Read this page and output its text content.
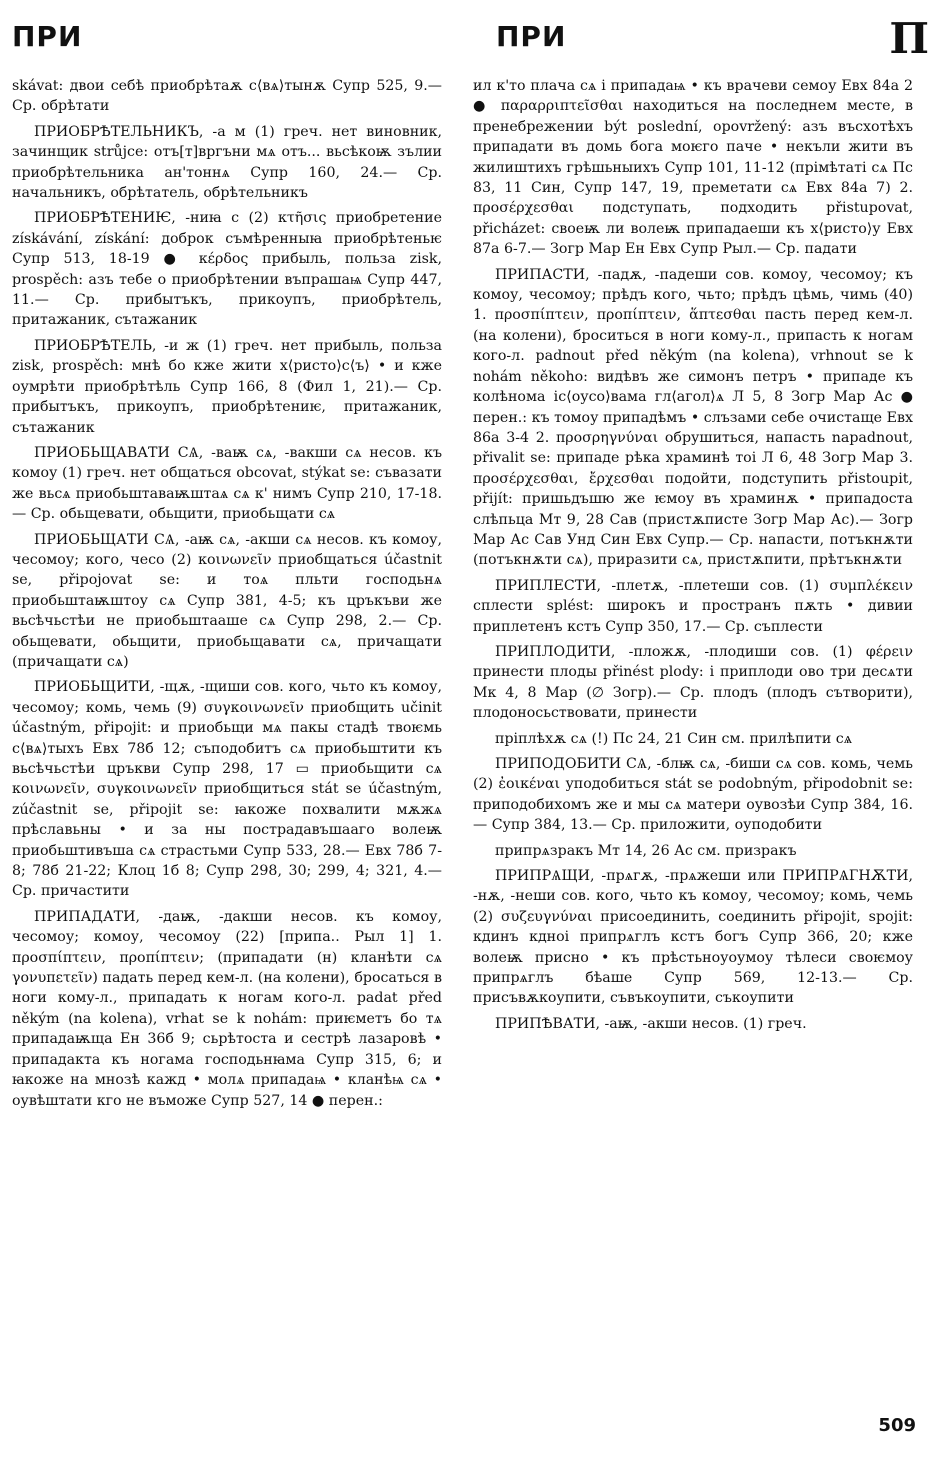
ПРИ	ПРИ	П

skávat: двои себѣ приобрѣтаѫ с⟨вѧ⟩тынѫ Супр 525, 9.— Ср. обрѣтати

ПРИОБРѢТЕЛЬНИКЪ, -а м (1) греч. нет виновник, зачинщик strůjce: отъ[т]вргъни мѧ отъ... вьсѣкоѭ зълии приобрѣтельника ан'тоннѧ Супр 160, 24.— Ср. начальникъ, обрѣтатель, обрѣтельникъ

ПРИОБРѢТЕНИѤ, -ниꙗ с (2) κτῆσις приобретение získávání, získání: доброк съмѣренныꙗ приобрѣтеньѥ Супр 513, 18-19 ● κέρδος прибыль, польза zisk, prospěch: азъ тебе о приобрѣтении въпрашаѩ Супр 447, 11.— Ср. прибытъкъ, прикоупъ, приобрѣтель, притажаник, сътажаник

ПРИОБРѢТЕЛЬ, -и ж (1) греч. нет прибыль, польза zisk, prospěch: мнѣ бо кже жити х⟨ристо⟩с⟨ъ⟩ • и кже оумрѣти приобрѣтѣль Супр 166, 8 (Фил 1, 21).— Ср. прибытъкъ, прикоупъ, приобрѣтениѥ, притажаник, сътажаник

ПРИОБЬЩАВАТИ СѦ, -ваѭ сѧ, -вакши сѧ несов. къ комоу (1) греч. нет общаться obcovat, stýkat se: съвазати же вьсѧ приобьштаваѭштаѧ сѧ к' нимъ Супр 210, 17-18.— Ср. обьщевати, обьщити, приобьщати сѧ

ПРИОБЬЩАТИ СѦ, -аѭ сѧ, -акши сѧ несов. къ комоу, чесомоу; кого, чесо (2) κοινωνεῖν приобщаться účastnit se, připojovat se: и тоѧ пльти господьнѧ приобьштаѭштоу сѧ Супр 381, 4-5; къ цръкъви же вьсѣчьстѣи не приобьштааше сѧ Супр 298, 2.— Ср. обьщевати, обьщити, приобьщавати сѧ, причащати (причащати сѧ)

ПРИОБЬЩИТИ, -щѫ, -щиши сов. кого, чьто къ комоу, чесомоу; комь, чемь (9) συγκοινωνεῖν приобщить učinit účastným, připojit: и приобьщи мѧ пакы стадѣ твоѥмь с⟨вѧ⟩тыхъ Евх 78б 12; съподобитъ сѧ приобьштити къ вьсѣчьстѣи цръкви Супр 298, 17 ▭ приобьщити сѧ κοινωνεῖν, συγκοινωνεῖν приобщиться stát se účastným, zúčastnit se, připojit se: ꙗкоже похвалити мѫжѧ прѣславьны • и за ны пострадавъшааго волеѭ приобьштивъша сѧ страстьми Супр 533, 28.— Евх 78б 7-8; 78б 21-22; Клоц 1б 8; Супр 298, 30; 299, 4; 321, 4.— Ср. причастити

ПРИПАДАТИ, -даѭ, -дакши несов. къ комоу, чесомоу; комоу, чесомоу (22) [припа.. Рыл 1] 1. προσπίπτειν, προπίπτειν; (припадати (н) кланѣти сѧ γονυπετεῖν) падать перед кем-л. (на колени), бросаться в ноги кому-л., припадать к ногам кого-л. padat před někým (na kolena), vrhat se k nohám: приѥметъ бо тѧ припадаѭща Ен 36б 9; сьрѣтоста и сестрѣ лазаровѣ • припадакта къ ногама господьнꙗма Супр 315, 6; и ꙗкоже на мнозѣ кажд • молѧ припадаѩ • кланѣѩ сѧ • оувѣштати кго не въможе Супр 527, 14 ● перен.:

ил к'то плача сѧ і припадаѩ • къ врачеви семоу Евх 84а 2 ● παραρριπτεῖσθαι находиться на последнем месте, в пренебрежении být poslední, opovržený: азъ въсхотѣхъ припадати въ домь бога моѥго паче • некъли жити въ жилиштихъ грѣшьныихъ Супр 101, 11-12 (прімѣтаті сѧ Пс 83, 11 Син, Супр 147, 19, преметати сѧ Евх 84а 7) 2. προσέρχεσθαι подступать, подходить přistupovat, přicházet: своеѭ ли волеѭ припадаеши къ х⟨ристо⟩у Евх 87а 6-7.— Зогр Мар Ен Евх Супр Рыл.— Ср. падати

ПРИПАСТИ, -падѫ, -падеши сов. комоу, чесомоу; къ комоу, чесомоу; прѣдъ кого, чьто; прѣдъ цѣмь, чимь (40) 1. προσπίπτειν, προπίπτειν, ἅπτεσθαι пасть перед кем-л. (на колени), броситься в ноги кому-л., припасть к ногам кого-л. padnout před někým (na kolena), vrhnout se k nohám někoho: видѣвъ же симонъ петръ • припаде къ колѣнома іс⟨оусо⟩вама гл⟨агол⟩ѧ Л 5, 8 Зогр Мар Ас ● перен.: къ томоу припадѣмъ • слъзами себе очистаще Евх 86а 3-4 2. προσρηγνύναι обрушиться, напасть napadnout, přivalit se: припаде рѣка храминѣ тоі Л 6, 48 Зогр Мар 3. προσέρχεσθαι, ἔρχεσθαι подойти, подступить přistoupit, přijít: пришьдъшю же ѥмоу въ храминѫ • припадоста слѣпьца Мт 9, 28 Сав (пристѫписте Зогр Мар Ас).— Зогр Мар Ас Сав Унд Син Евх Супр.— Ср. напасти, потъкнѫти (потъкнѫти сѧ), приразити сѧ, пристѫпити, прѣтъкнѫти

ПРИПЛЕСТИ, -плетѫ, -плетеши сов. (1) συμπλέκειν сплести splést: широкъ и пространъ пѫть • дивии приплетенъ кстъ Супр 350, 17.— Ср. съплести

ПРИПЛОДИТИ, -пложѫ, -плодиши сов. (1) φέρειν принести плоды přinést plody: і приплоди ово три десѧти Мк 4, 8 Мар (∅ Зогр).— Ср. плодъ (плодъ сътворити), плодоносьствовати, принести

прiплѣхѫ сѧ (!) Пс 24, 21 Син см. прилѣпити сѧ

ПРИПОДОБИТИ СѦ, -блѭ сѧ, -биши сѧ сов. комь, чемь (2) ἐοικέναι уподобиться stát se podobným, připodobnit se: приподобихомъ же и мы сѧ матери оувозѣи Супр 384, 16.— Супр 384, 13.— Ср. приложити, оуподобити

припрѧзракъ Мт 14, 26 Ас см. призракъ

ПРИПРѦЩИ, -прѧгѫ, -прѧжеши или ПРИПРѦГНѪТИ, -нѫ, -неши сов. кого, чьто къ комоу, чесомоу; комь, чемь (2) συζευγνύναι присоединить, соединить připojit, spojit: кдинъ кдноі припрѧглъ кстъ богъ Супр 366, 20; кже волеѭ присно • къ прѣстьноуоумоу тѣлеси своѥмоу припрѧглъ бѣаше Супр 569, 12-13.— Ср. присъвѫкоупити, съвъкоупити, съкоупити

ПРИПѢВАТИ, -аѭ, -акши несов. (1) греч.

509
